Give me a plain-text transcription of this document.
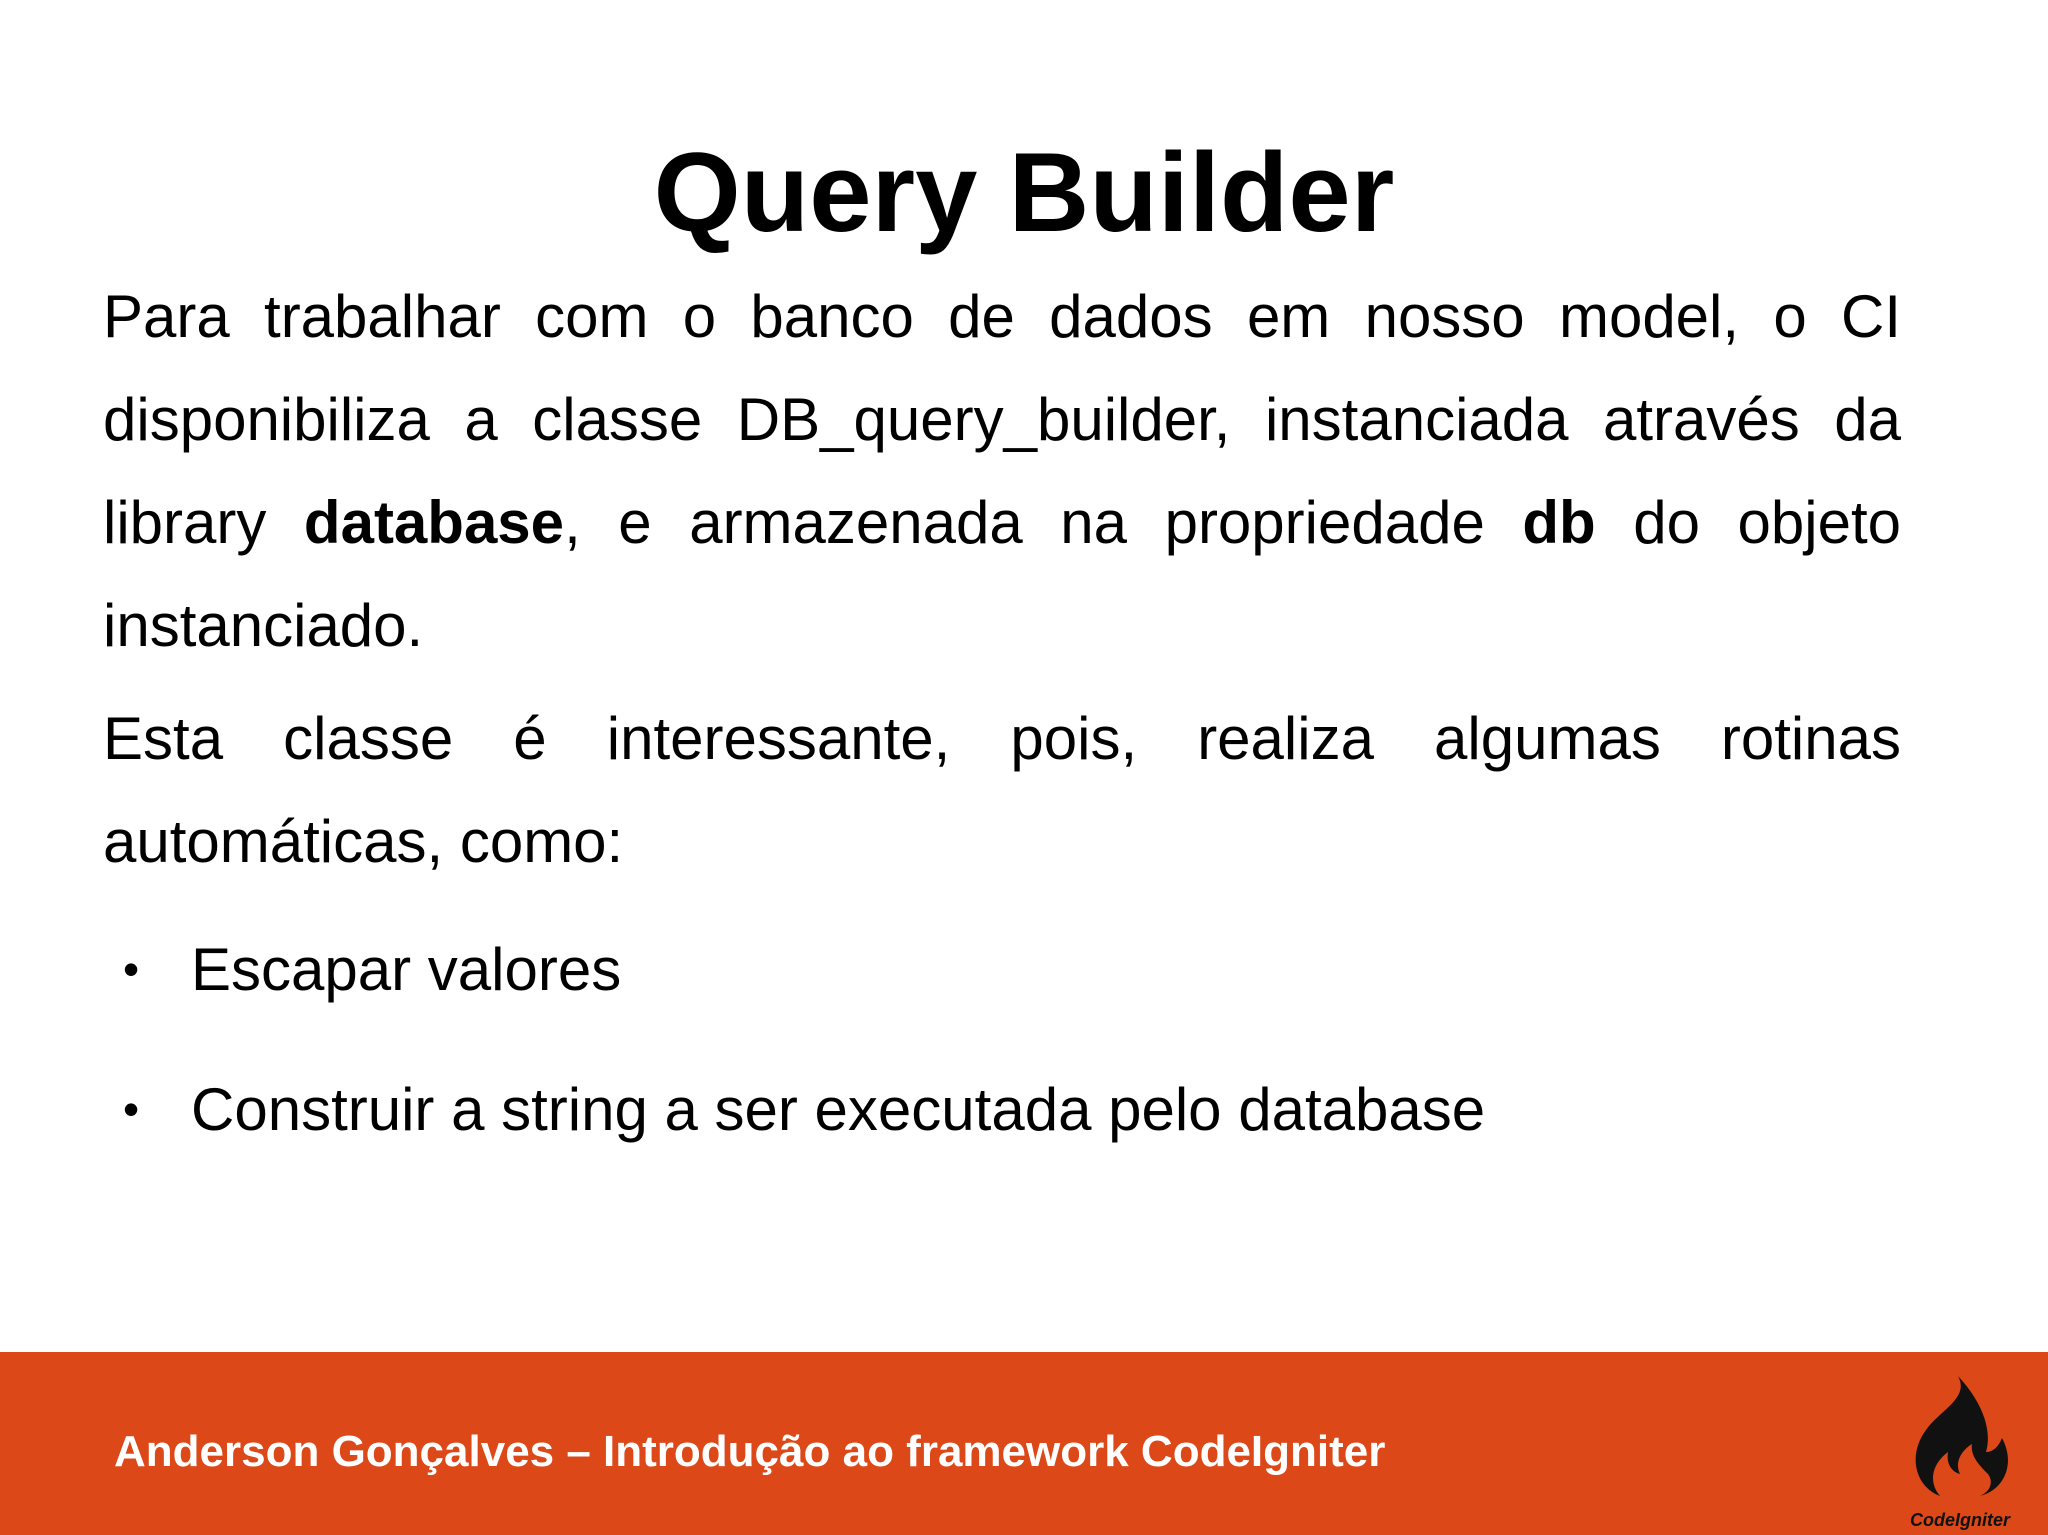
Query Builder

Para trabalhar com o banco de dados em nosso model, o CI disponibiliza a classe DB_query_builder, instanciada através da library database, e armazenada na propriedade db do objeto instanciado.

Esta classe é interessante, pois, realiza algumas rotinas automáticas, como:

• Escapar valores
• Construir a string a ser executada pelo database
Anderson Gonçalves – Introdução ao framework CodeIgniter
CodeIgniter
